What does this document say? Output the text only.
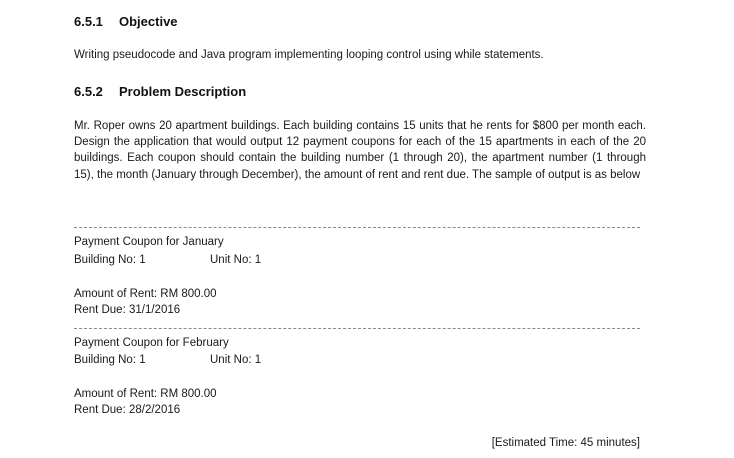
6.5.1 Objective
Writing pseudocode and Java program implementing looping control using while statements.
6.5.2 Problem Description
Mr. Roper owns 20 apartment buildings. Each building contains 15 units that he rents for $800 per month each. Design the application that would output 12 payment coupons for each of the 15 apartments in each of the 20 buildings. Each coupon should contain the building number (1 through 20), the apartment number (1 through 15), the month (January through December), the amount of rent and rent due. The sample of output is as below
Payment Coupon for January
Building No: 1	Unit No: 1
Amount of Rent: RM 800.00
Rent Due: 31/1/2016
Payment Coupon for February
Building No: 1	Unit No: 1
Amount of Rent: RM 800.00
Rent Due: 28/2/2016
[Estimated Time: 45 minutes]
